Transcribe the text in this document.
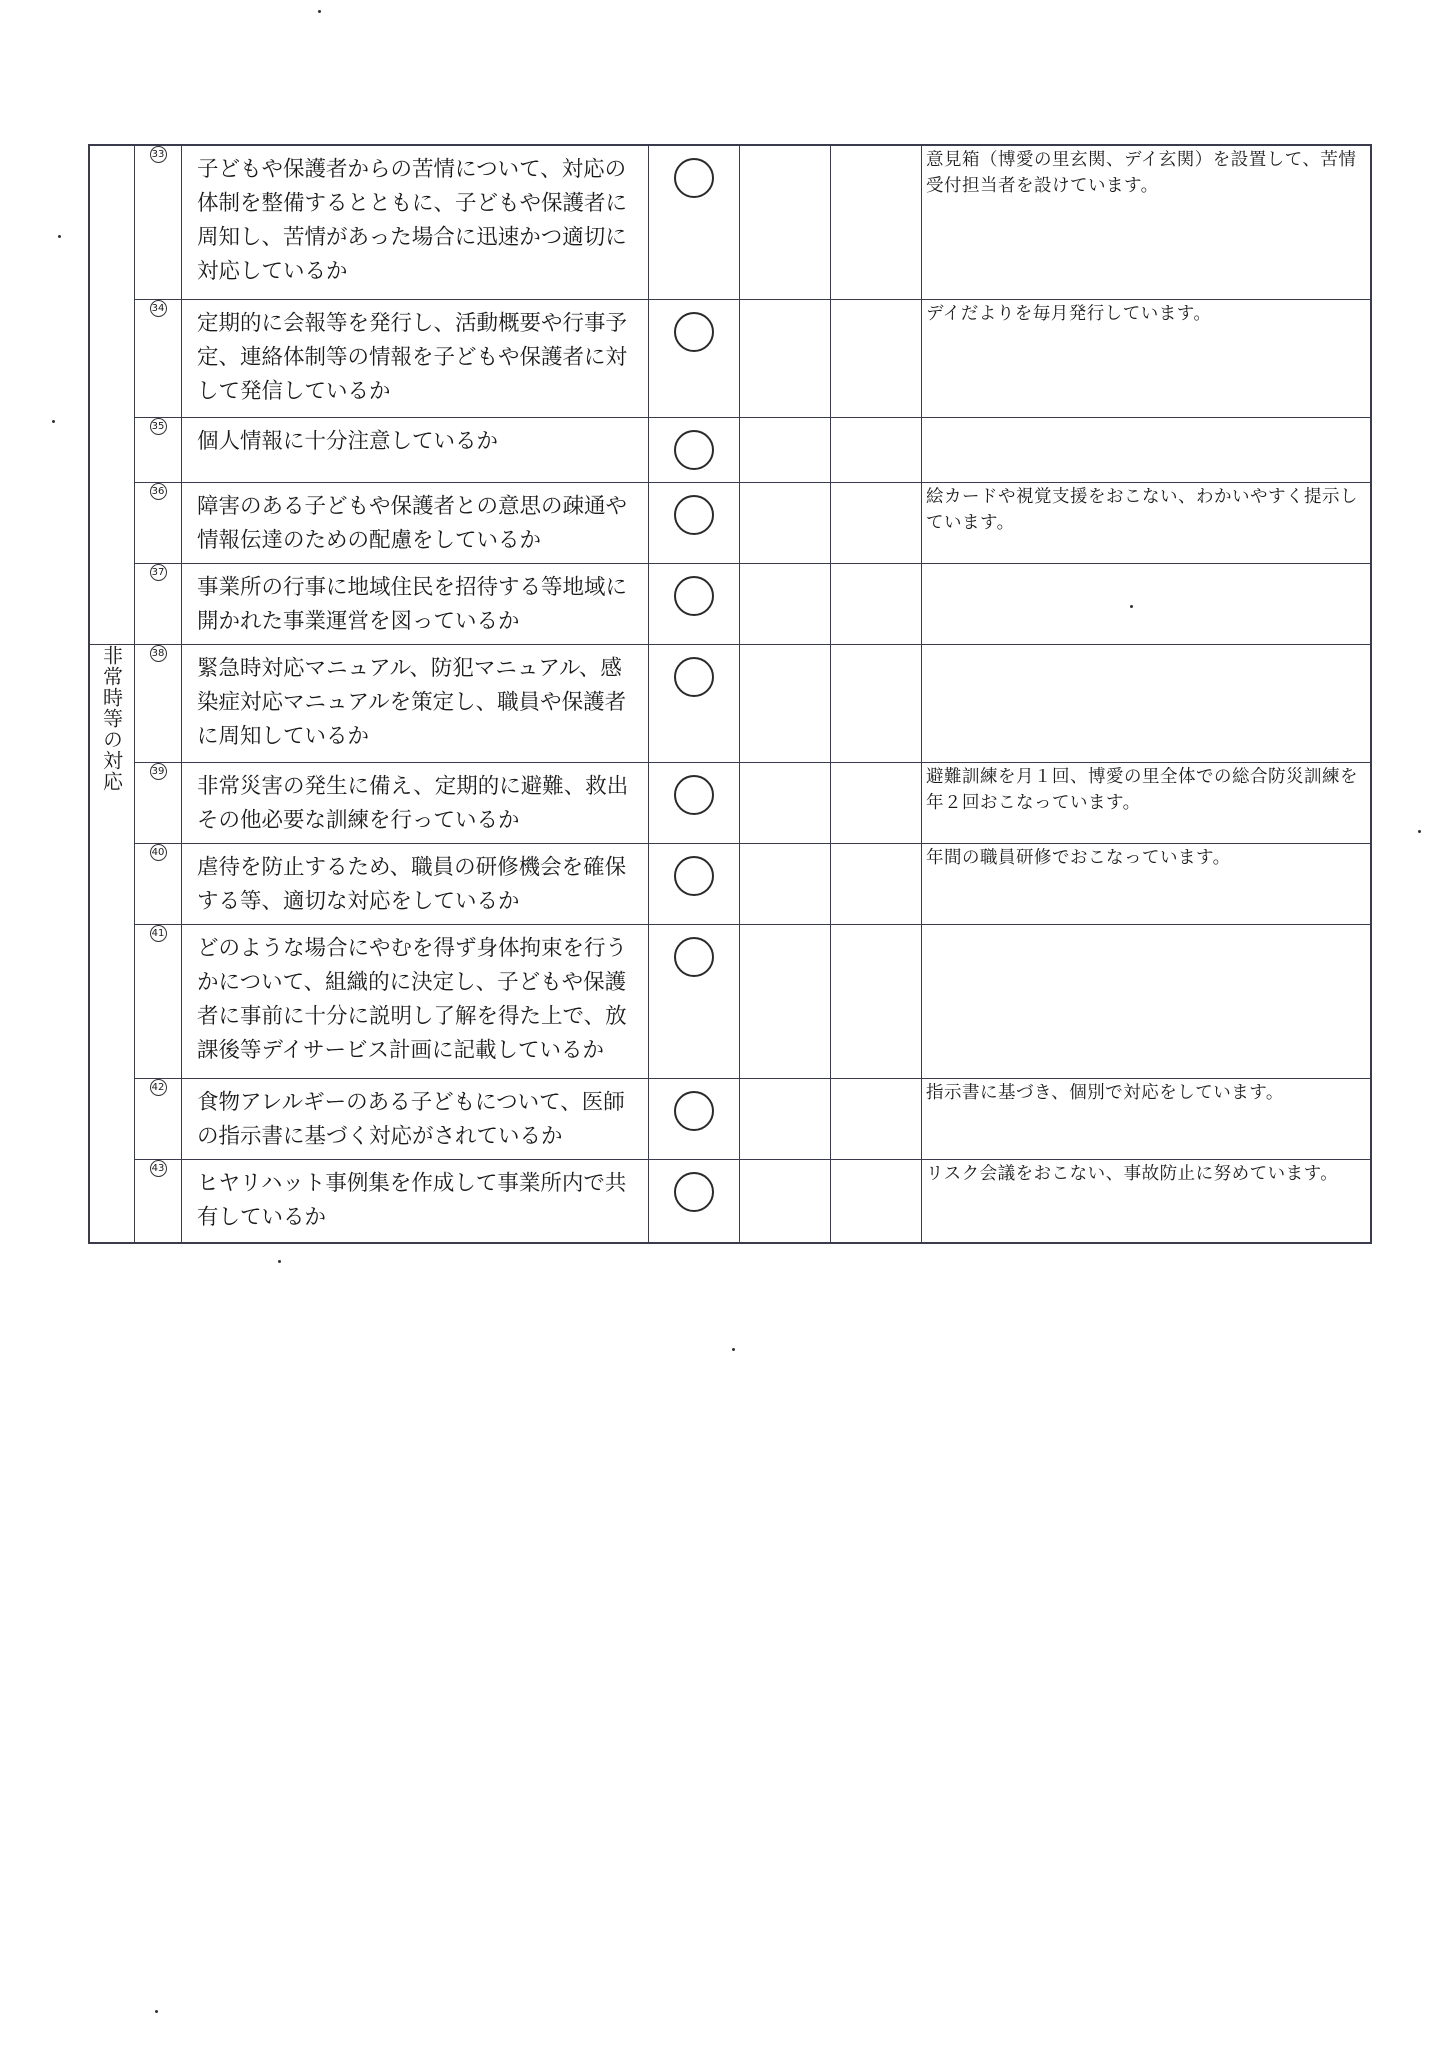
	33	子どもや保護者からの苦情について、対応の体制を整備するとともに、子どもや保護者に周知し、苦情があった場合に迅速かつ適切に対応しているか				意見箱（博愛の里玄関、デイ玄関）を設置して、苦情受付担当者を設けています。
	34	定期的に会報等を発行し、活動概要や行事予定、連絡体制等の情報を子どもや保護者に対して発信しているか				デイだよりを毎月発行しています。
	35	個人情報に十分注意しているか				
	36	障害のある子どもや保護者との意思の疎通や情報伝達のための配慮をしているか				絵カードや視覚支援をおこない、わかいやすく提示しています。
	37	事業所の行事に地域住民を招待する等地域に開かれた事業運営を図っているか				
非常時等の対応	38	緊急時対応マニュアル、防犯マニュアル、感染症対応マニュアルを策定し、職員や保護者に周知しているか				
	39	非常災害の発生に備え、定期的に避難、救出その他必要な訓練を行っているか				避難訓練を月１回、博愛の里全体での総合防災訓練を年２回おこなっています。
	40	虐待を防止するため、職員の研修機会を確保する等、適切な対応をしているか				年間の職員研修でおこなっています。
	41	どのような場合にやむを得ず身体拘束を行うかについて、組織的に決定し、子どもや保護者に事前に十分に説明し了解を得た上で、放課後等デイサービス計画に記載しているか				
	42	食物アレルギーのある子どもについて、医師の指示書に基づく対応がされているか				指示書に基づき、個別で対応をしています。
	43	ヒヤリハット事例集を作成して事業所内で共有しているか				リスク会議をおこない、事故防止に努めています。
